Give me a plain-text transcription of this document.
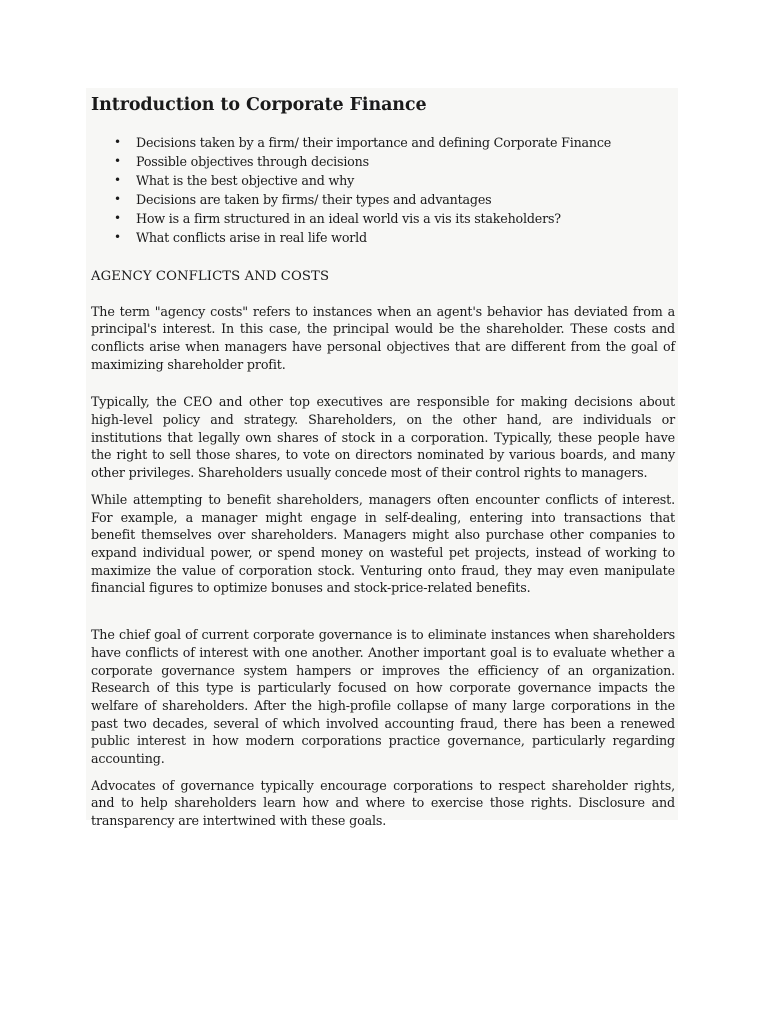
Introduction to Corporate Finance
• Decisions taken by a firm/ their importance and defining Corporate Finance
• Possible objectives through decisions
• What is the best objective and why
• Decisions are taken by firms/ their types and advantages
• How is a firm structured in an ideal world vis a vis its stakeholders?
• What conflicts arise in real life world
AGENCY CONFLICTS AND COSTS

The term "agency costs" refers to instances when an agent's behavior has deviated from a principal's interest. In this case, the principal would be the shareholder. These costs and conflicts arise when managers have personal objectives that are different from the goal of maximizing shareholder profit.

Typically, the CEO and other top executives are responsible for making decisions about high-level policy and strategy. Shareholders, on the other hand, are individuals or institutions that legally own shares of stock in a corporation. Typically, these people have the right to sell those shares, to vote on directors nominated by various boards, and many other privileges. Shareholders usually concede most of their control rights to managers.

While attempting to benefit shareholders, managers often encounter conflicts of interest. For example, a manager might engage in self-dealing, entering into transactions that benefit themselves over shareholders. Managers might also purchase other companies to expand individual power, or spend money on wasteful pet projects, instead of working to maximize the value of corporation stock. Venturing onto fraud, they may even manipulate financial figures to optimize bonuses and stock-price-related benefits.

The chief goal of current corporate governance is to eliminate instances when shareholders have conflicts of interest with one another. Another important goal is to evaluate whether a corporate governance system hampers or improves the efficiency of an organization. Research of this type is particularly focused on how corporate governance impacts the welfare of shareholders. After the high-profile collapse of many large corporations in the past two decades, several of which involved accounting fraud, there has been a renewed public interest in how modern corporations practice governance, particularly regarding accounting.

Advocates of governance typically encourage corporations to respect shareholder rights, and to help shareholders learn how and where to exercise those rights. Disclosure and transparency are intertwined with these goals.
